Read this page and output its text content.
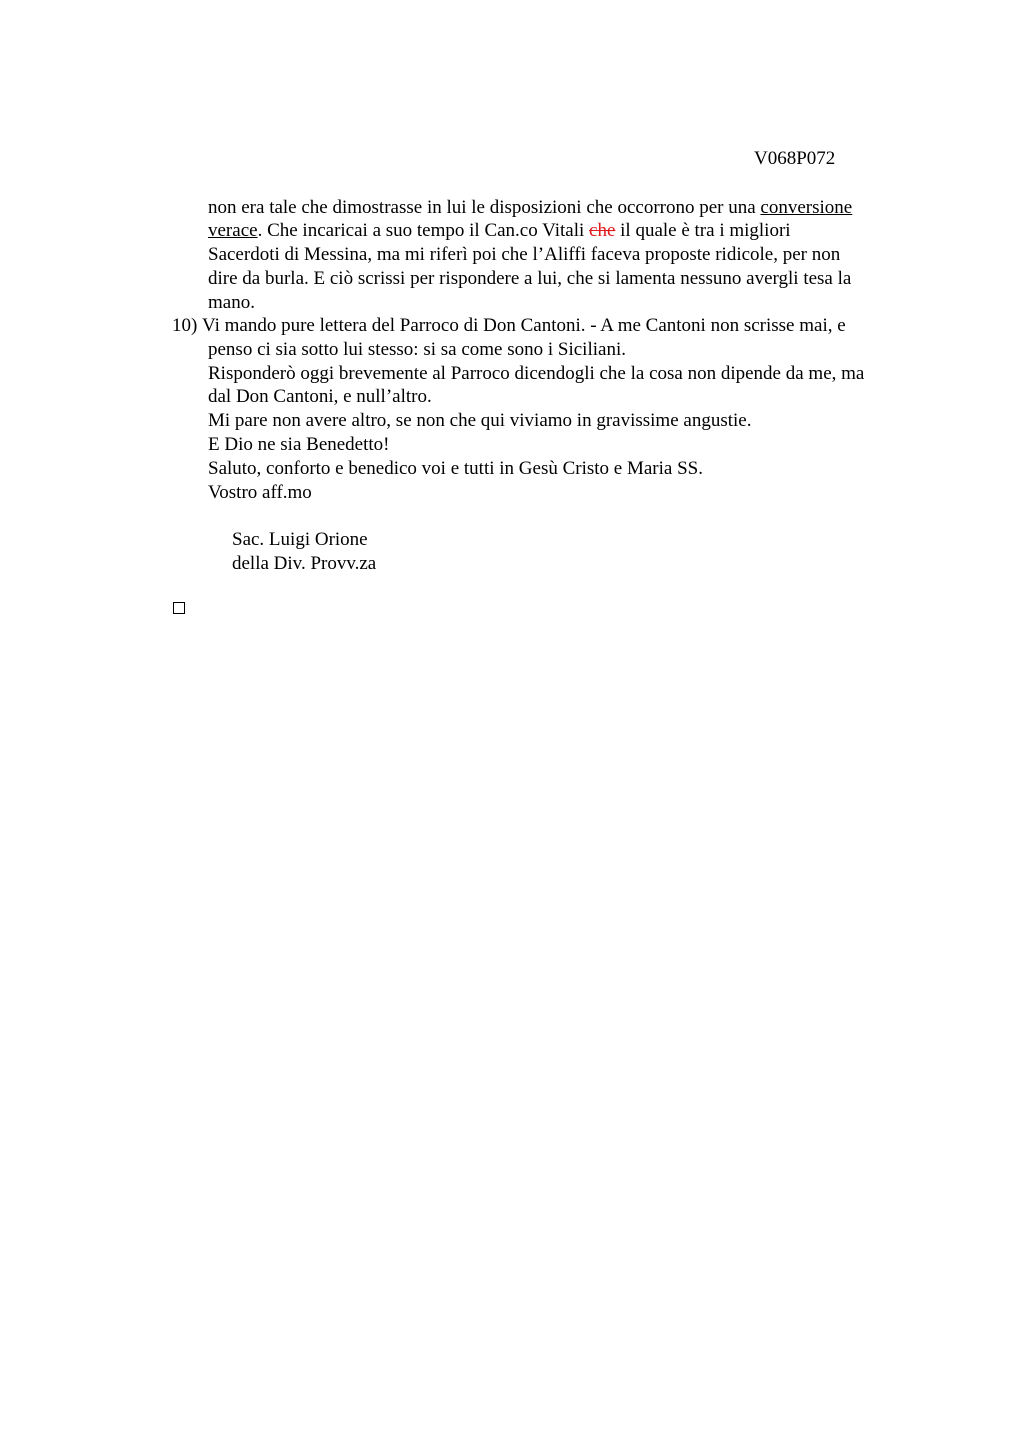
V068P072
non era tale che dimostrasse in lui le disposizioni che occorrono per una conversione
verace. Che incaricai a suo tempo il Can.co Vitali che il quale è tra i migliori
Sacerdoti di Messina, ma mi riferì poi che l’Aliffi faceva proposte ridicole, per non
dire da burla. E ciò scrissi per rispondere a lui, che si lamenta nessuno avergli tesa la
mano.
10) Vi mando pure lettera del Parroco di Don Cantoni. - A me Cantoni non scrisse mai, e
penso ci sia sotto lui stesso: si sa come sono i Siciliani.
Risponderò oggi brevemente al Parroco dicendogli che la cosa non dipende da me, ma
dal Don Cantoni, e null’altro.
Mi pare non avere altro, se non che qui viviamo in gravissime angustie.
E Dio ne sia Benedetto!
Saluto, conforto e benedico voi e tutti in Gesù Cristo e Maria SS.
Vostro aff.mo
Sac. Luigi Orione
della Div. Provv.za
